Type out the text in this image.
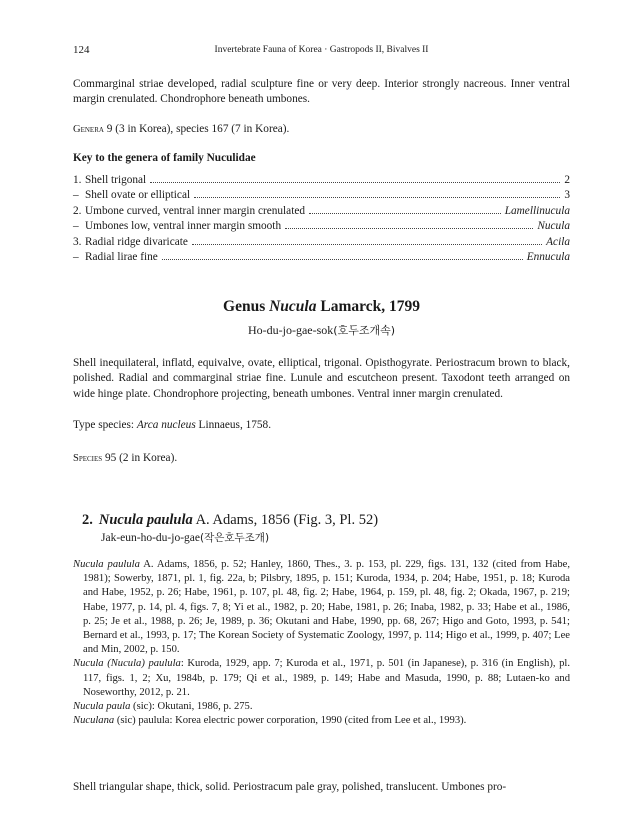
124	Invertebrate Fauna of Korea · Gastropods II, Bivalves II
Commarginal striae developed, radial sculpture fine or very deep. Interior strongly nacreous. Inner ventral margin crenulated. Chondrophore beneath umbones.
Genera 9 (3 in Korea), species 167 (7 in Korea).
Key to the genera of family Nuculidae
1. Shell trigonal	2
– Shell ovate or elliptical	3
2. Umbone curved, ventral inner margin crenulated	Lamellinucula
– Umbones low, ventral inner margin smooth	Nucula
3. Radial ridge divaricate	Acila
– Radial lirae fine	Ennucula
Genus Nucula Lamarck, 1799
Ho-du-jo-gae-sok(호두조개속)
Shell inequilateral, inflatd, equivalve, ovate, elliptical, trigonal. Opisthogyrate. Periostracum brown to black, polished. Radial and commarginal striae fine. Lunule and escutcheon present. Taxodont teeth arranged on wide hinge plate. Chondrophore projecting, beneath umbones. Ventral inner margin crenulated.
Type species: Arca nucleus Linnaeus, 1758.
Species 95 (2 in Korea).
2. Nucula paulula A. Adams, 1856 (Fig. 3, Pl. 52)
Jak-eun-ho-du-jo-gae(작은호두조개)

Nucula paulula A. Adams, 1856, p. 52; Hanley, 1860, Thes., 3. p. 153, pl. 229, figs. 131, 132 (cited from Habe, 1981); Sowerby, 1871, pl. 1, fig. 22a, b; Pilsbry, 1895, p. 151; Kuroda, 1934, p. 204; Habe, 1951, p. 18; Kuroda and Habe, 1952, p. 26; Habe, 1961, p. 107, pl. 48, fig. 2; Habe, 1964, p. 159, pl. 48, fig. 2; Okada, 1967, p. 219; Habe, 1977, p. 14, pl. 4, figs. 7, 8; Yi et al., 1982, p. 20; Habe, 1981, p. 26; Inaba, 1982, p. 33; Habe et al., 1986, p. 25; Je et al., 1988, p. 26; Je, 1989, p. 36; Okutani and Habe, 1990, pp. 68, 267; Higo and Goto, 1993, p. 541; Bernard et al., 1993, p. 17; The Korean Society of Systematic Zoology, 1997, p. 114; Higo et al., 1999, p. 407; Lee and Min, 2002, p. 150.

Nucula (Nucula) paulula: Kuroda, 1929, app. 7; Kuroda et al., 1971, p. 501 (in Japanese), p. 316 (in English), pl. 117, figs. 1, 2; Xu, 1984b, p. 179; Qi et al., 1989, p. 149; Habe and Masuda, 1990, p. 88; Lutaen-ko and Noseworthy, 2012, p. 21.

Nucula paula (sic): Okutani, 1986, p. 275.

Nuculana (sic) paulula: Korea electric power corporation, 1990 (cited from Lee et al., 1993).

Shell triangular shape, thick, solid. Periostracum pale gray, polished, translucent. Umbones pro-
